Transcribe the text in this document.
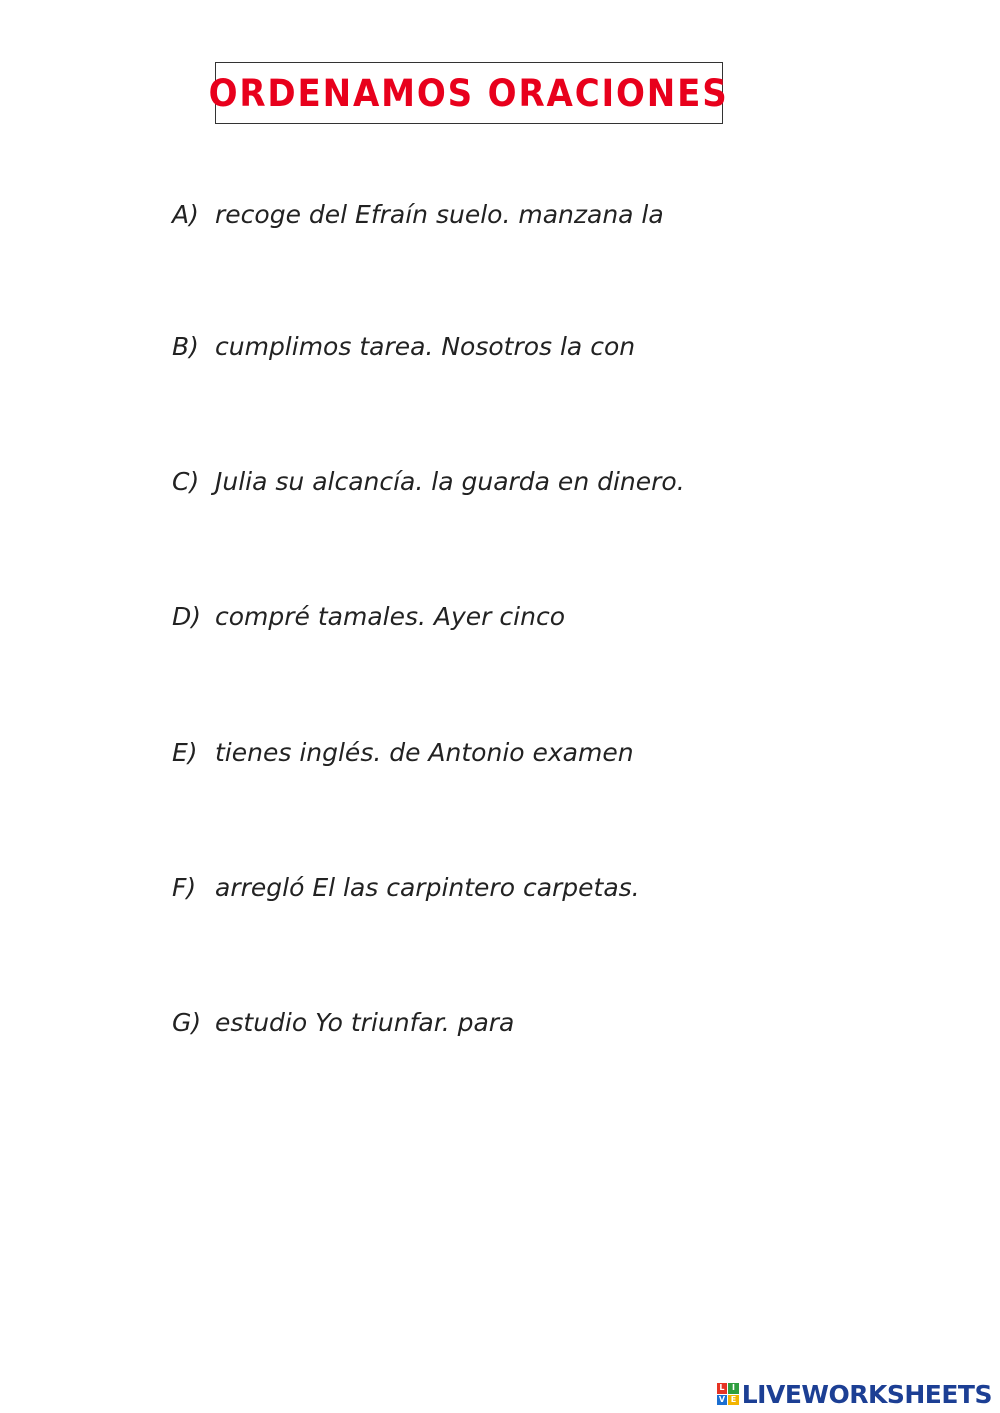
ORDENAMOS ORACIONES
A) recoge del Efraín suelo. manzana la
B) cumplimos tarea. Nosotros la con
C) Julia su alcancía. la guarda en dinero.
D) compré tamales. Ayer cinco
E) tienes inglés. de Antonio examen
F) arregló El las carpintero carpetas.
G) estudio Yo triunfar. para
L I
V E LIVEWORKSHEETS
